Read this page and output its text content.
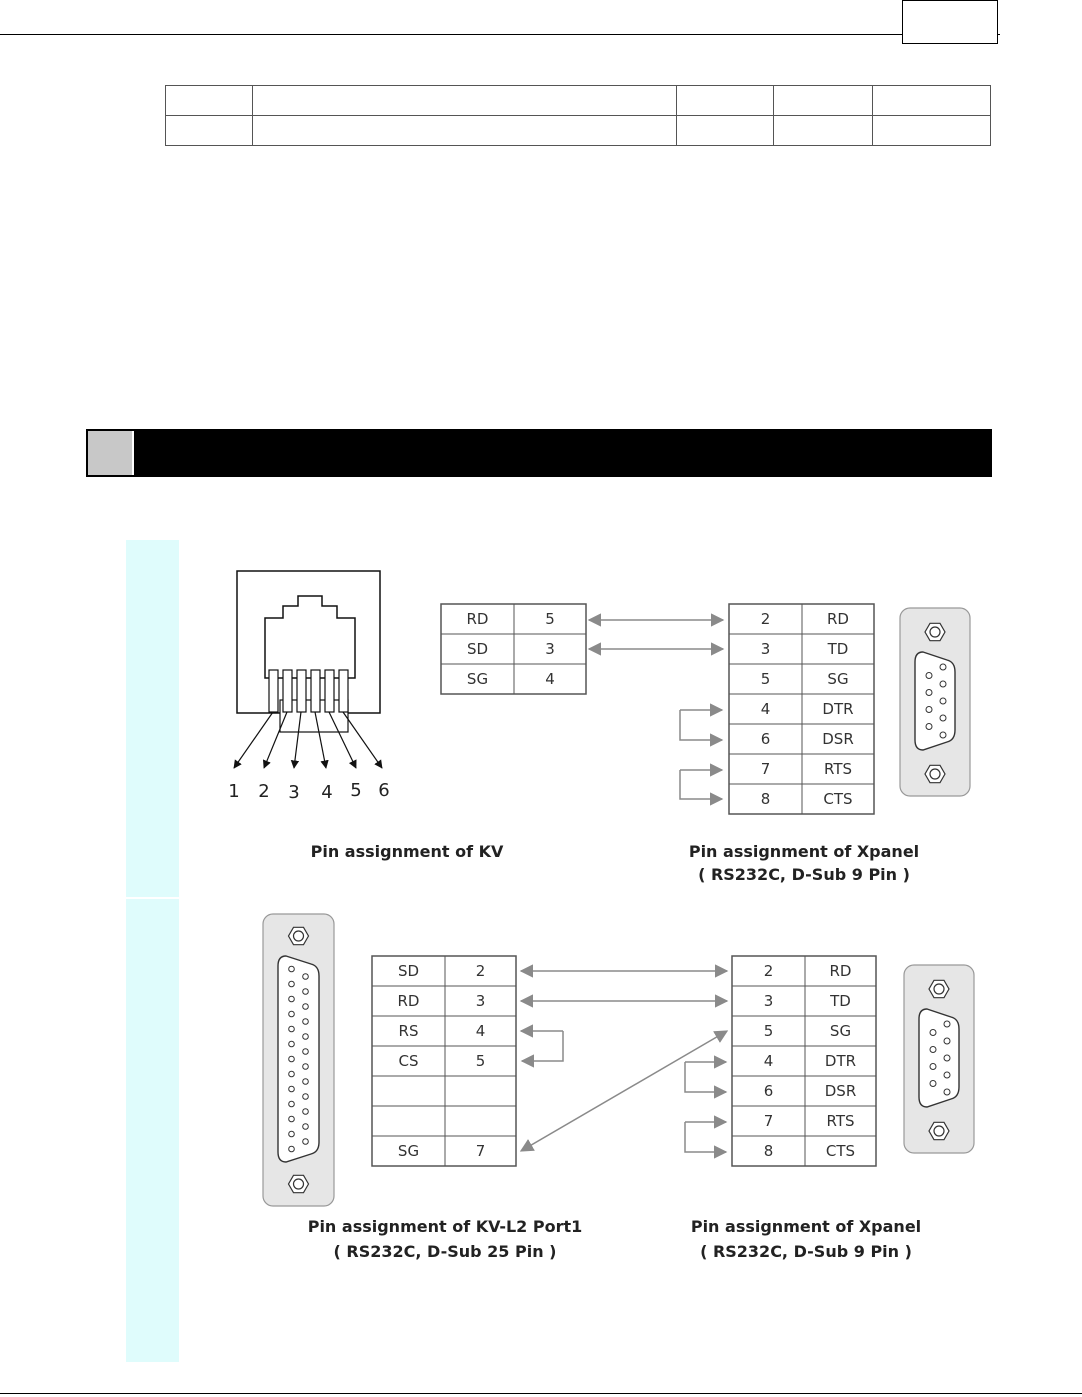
1 2 3 4 5 6
RD	5
SD	3
SG	4
2	RD
3	TD
5	SG
4	DTR
6	DSR
7	RTS
8	CTS
Pin assignment of KV	Pin assignment of Xpanel
( RS232C, D-Sub 9 Pin )
SD	2
RD	3
RS	4
CS	5
SG	7
2	RD
3	TD
5	SG
4	DTR
6	DSR
7	RTS
8	CTS
Pin assignment of KV-L2 Port1
( RS232C, D-Sub 25 Pin )
Pin assignment of Xpanel
( RS232C, D-Sub 9 Pin )
